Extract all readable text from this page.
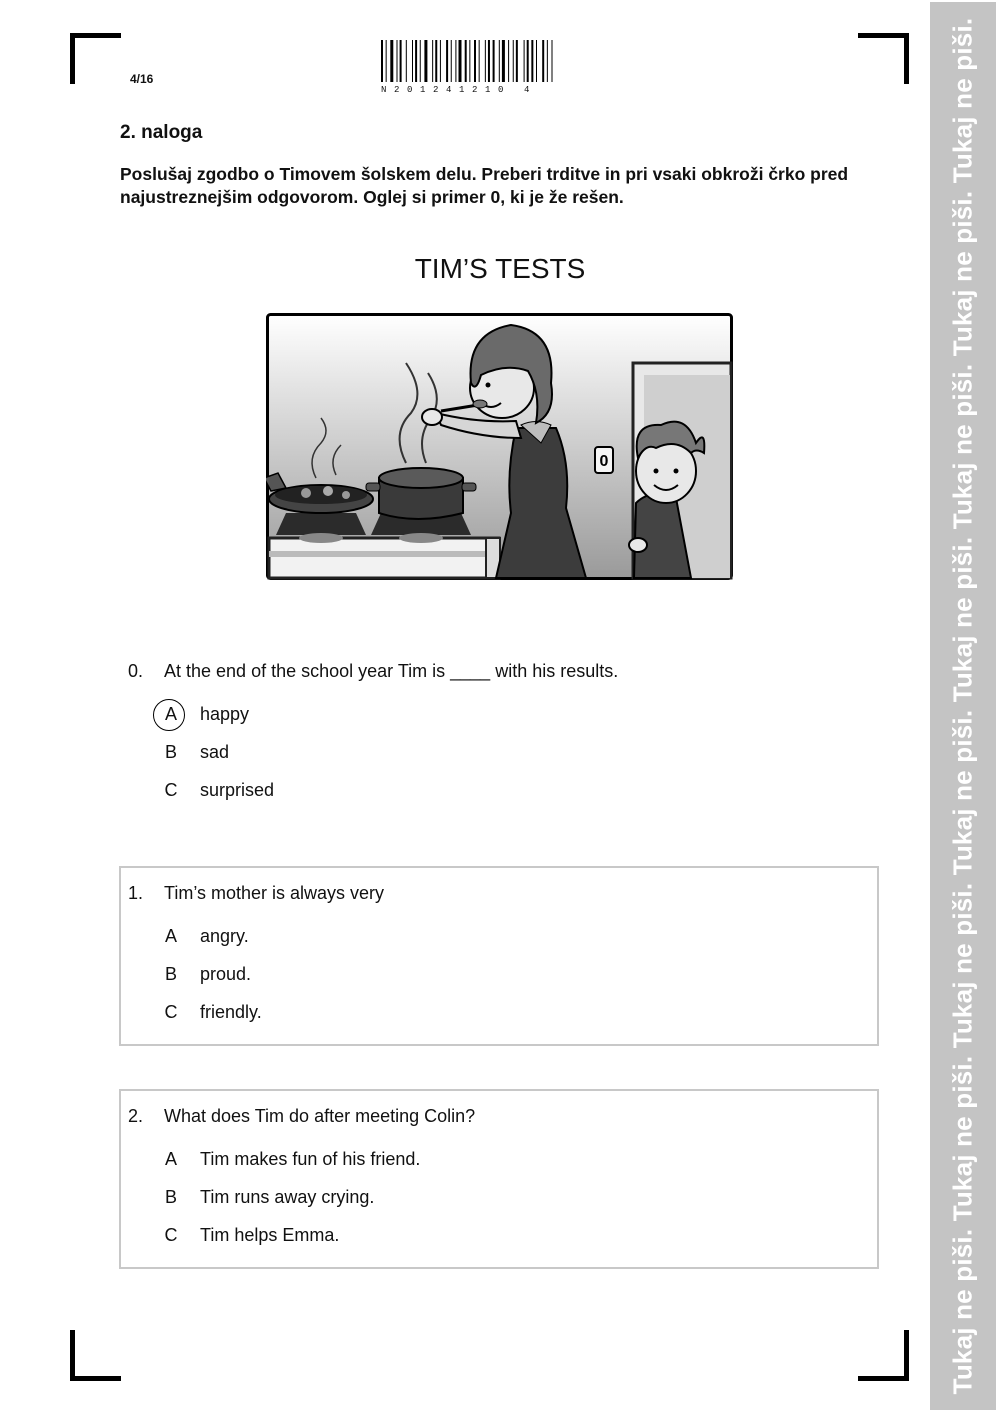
4/16
N201241210 4
2. naloga
Poslušaj zgodbo o Timovem šolskem delu. Preberi trditve in pri vsaki obkroži črko pred najustreznejšim odgovorom. Oglej si primer 0, ki je že rešen.
TIM’S TESTS
0
0. At the end of the school year Tim is ____ with his results.
A happy
B sad
C surprised
1. Tim’s mother is always very
A angry.
B proud.
C friendly.
2. What does Tim do after meeting Colin?
A Tim makes fun of his friend.
B Tim runs away crying.
C Tim helps Emma.	Tukaj ne piši. Tukaj ne piši. Tukaj ne piši. Tukaj ne piši. Tukaj ne piši. Tukaj ne piši. Tukaj ne piši. Tukaj ne piši.
